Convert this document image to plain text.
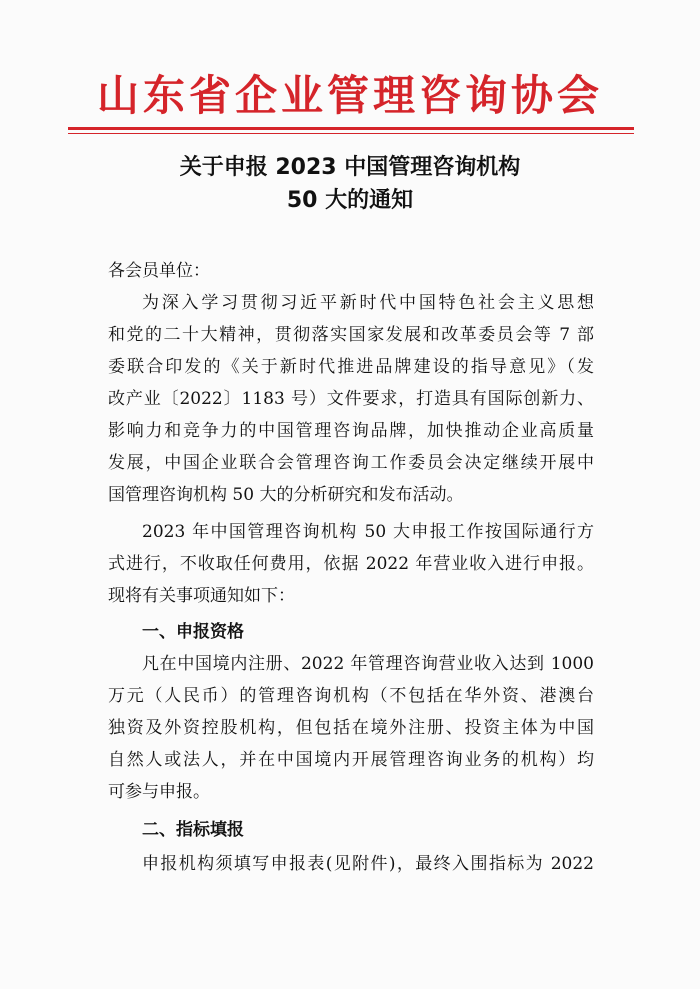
山东省企业管理咨询协会
关于申报 2023 中国管理咨询机构
50 大的通知
各会员单位：
为深入学习贯彻习近平新时代中国特色社会主义思想
和党的二十大精神，贯彻落实国家发展和改革委员会等 7 部
委联合印发的《关于新时代推进品牌建设的指导意见》（发
改产业〔2022〕1183 号）文件要求，打造具有国际创新力、
影响力和竞争力的中国管理咨询品牌，加快推动企业高质量
发展，中国企业联合会管理咨询工作委员会决定继续开展中
国管理咨询机构 50 大的分析研究和发布活动。
2023 年中国管理咨询机构 50 大申报工作按国际通行方
式进行，不收取任何费用，依据 2022 年营业收入进行申报。
现将有关事项通知如下：
一、申报资格
凡在中国境内注册、2022 年管理咨询营业收入达到 1000
万元（人民币）的管理咨询机构（不包括在华外资、港澳台
独资及外资控股机构，但包括在境外注册、投资主体为中国
自然人或法人，并在中国境内开展管理咨询业务的机构）均
可参与申报。
二、指标填报
申报机构须填写申报表(见附件)，最终入围指标为 2022
